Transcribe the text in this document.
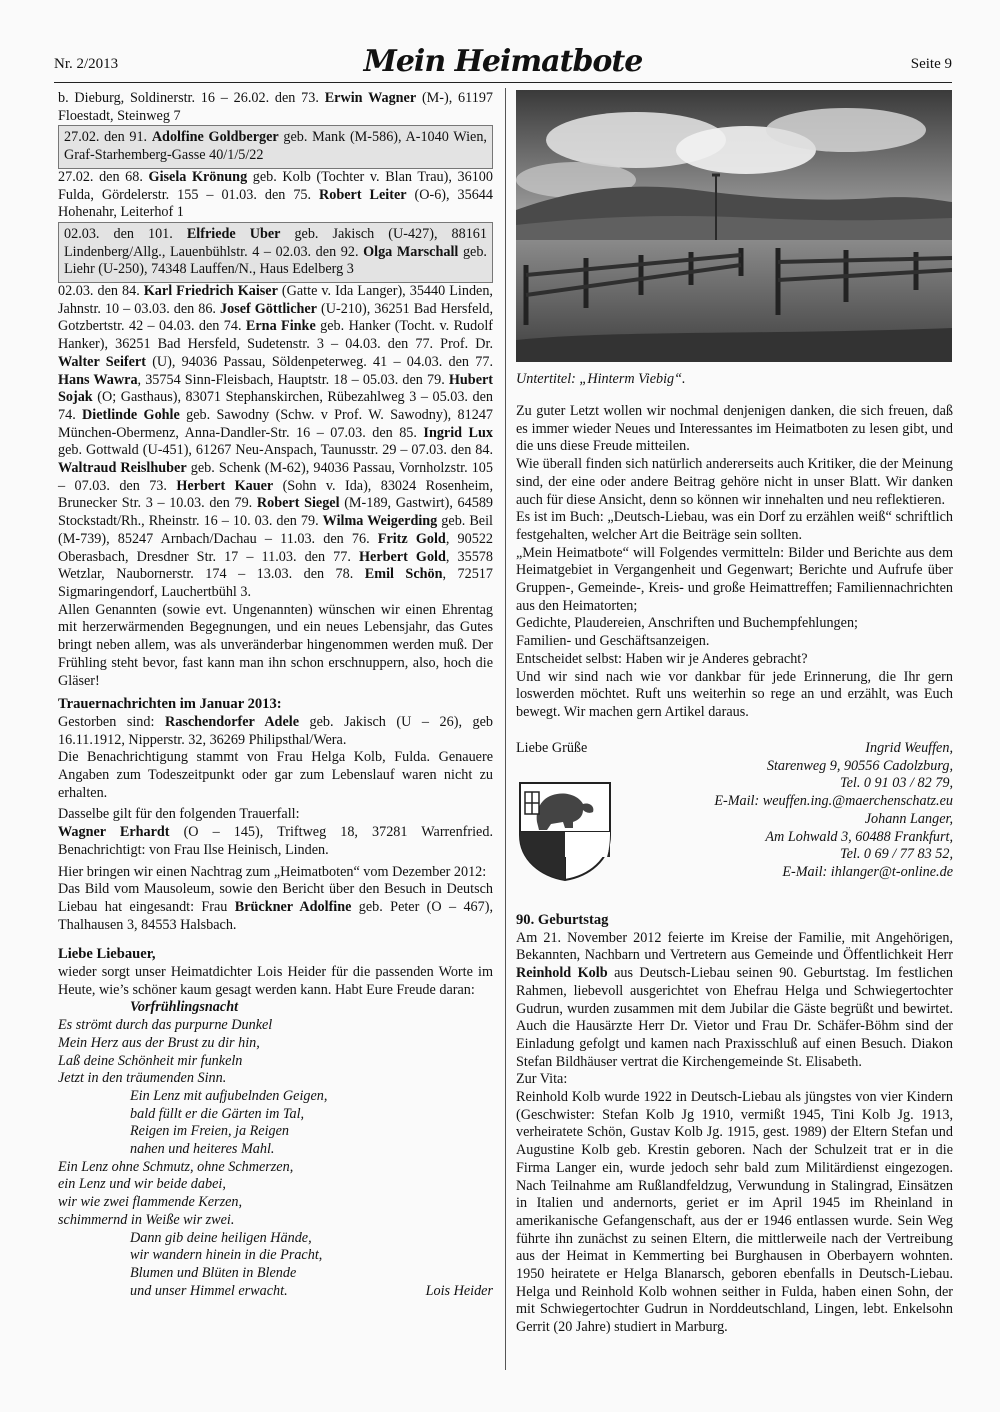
Nr. 2/2013	Mein Heimatbote	Seite 9

b. Dieburg, Soldinerstr. 16 – 26.02. den 73. Erwin Wagner (M-), 61197 Floestadt, Steinweg 7

27.02. den 91. Adolfine Goldberger geb. Mank (M-586), A-1040 Wien, Graf-Starhemberg-Gasse 40/1/5/22

27.02. den 68. Gisela Krönung geb. Kolb (Tochter v. Blan Trau), 36100 Fulda, Gördelerstr. 155 – 01.03. den 75. Robert Leiter (O-6), 35644 Hohenahr, Leiterhof 1

02.03. den 101. Elfriede Uber geb. Jakisch (U-427), 88161 Lindenberg/Allg., Lauenbühlstr. 4 – 02.03. den 92. Olga Marschall geb. Liehr (U-250), 74348 Lauffen/N., Haus Edelberg 3

02.03. den 84. Karl Friedrich Kaiser (Gatte v. Ida Langer), 35440 Linden, Jahnstr. 10 – 03.03. den 86. Josef Göttlicher (U-210), 36251 Bad Hersfeld, Gotzbertstr. 42 – 04.03. den 74. Erna Finke geb. Hanker (Tocht. v. Rudolf Hanker), 36251 Bad Hersfeld, Sudetenstr. 3 – 04.03. den 77. Prof. Dr. Walter Seifert (U), 94036 Passau, Söldenpeterweg. 41 – 04.03. den 77. Hans Wawra, 35754 Sinn-Fleisbach, Hauptstr. 18 – 05.03. den 79. Hubert Sojak (O; Gasthaus), 83071 Stephanskirchen, Rübezahlweg 3 – 05.03. den 74. Dietlinde Gohle geb. Sawodny (Schw. v Prof. W. Sawodny), 81247 München-Obermenz, Anna-Dandler-Str. 16 – 07.03. den 85. Ingrid Lux geb. Gottwald (U-451), 61267 Neu-Anspach, Taunusstr. 29 – 07.03. den 84. Waltraud Reislhuber geb. Schenk (M-62), 94036 Passau, Vornholzstr. 105 – 07.03. den 73. Herbert Kauer (Sohn v. Ida), 83024 Rosenheim, Brunecker Str. 3 – 10.03. den 79. Robert Siegel (M-189, Gastwirt), 64589 Stockstadt/Rh., Rheinstr. 16 – 10. 03. den 79. Wilma Weigerding geb. Beil (M-739), 85247 Arnbach/Dachau – 11.03. den 76. Fritz Gold, 90522 Oberasbach, Dresdner Str. 17 – 11.03. den 77. Herbert Gold, 35578 Wetzlar, Naubornerstr. 174 – 13.03. den 78. Emil Schön, 72517 Sigmaringendorf, Lauchertbühl 3.

Allen Genannten (sowie evt. Ungenannten) wünschen wir einen Ehrentag mit herzerwärmenden Begegnungen, und ein neues Lebensjahr, das Gutes bringt neben allem, was als unveränderbar hingenommen werden muß. Der Frühling steht bevor, fast kann man ihn schon erschnuppern, also, hoch die Gläser!

Trauernachrichten im Januar 2013:

Gestorben sind: Raschendorfer Adele geb. Jakisch (U – 26), geb 16.11.1912, Nipperstr. 32, 36269 Philipsthal/Wera.

Die Benachrichtigung stammt von Frau Helga Kolb, Fulda. Genauere Angaben zum Todeszeitpunkt oder gar zum Lebenslauf waren nicht zu erhalten.

Dasselbe gilt für den folgenden Trauerfall:

Wagner Erhardt (O – 145), Triftweg 18, 37281 Warrenfried. Benachrichtigt: von Frau Ilse Heinisch, Linden.

Hier bringen wir einen Nachtrag zum „Heimatboten“ vom Dezember 2012:

Das Bild vom Mausoleum, sowie den Bericht über den Besuch in Deutsch Liebau hat eingesandt: Frau Brückner Adolfine geb. Peter (O – 467), Thalhausen 3, 84553 Halsbach.

Liebe Liebauer,

wieder sorgt unser Heimatdichter Lois Heider für die passenden Worte im Heute, wie’s schöner kaum gesagt werden kann. Habt Eure Freude daran:

Vorfrühlingsnacht
Es strömt durch das purpurne Dunkel
Mein Herz aus der Brust zu dir hin,
Laß deine Schönheit mir funkeln
Jetzt in den träumenden Sinn.
Ein Lenz mit aufjubelnden Geigen,
bald füllt er die Gärten im Tal,
Reigen im Freien, ja Reigen
nahen und heiteres Mahl.
Ein Lenz ohne Schmutz, ohne Schmerzen,
ein Lenz und wir beide dabei,
wir wie zwei flammende Kerzen,
schimmernd in Weiße wir zwei.
Dann gib deine heiligen Hände,
wir wandern hinein in die Pracht,
Blumen und Blüten in Blende
und unser Himmel erwacht.	Lois Heider
Untertitel: „Hinterm Viebig“.

Zu guter Letzt wollen wir nochmal denjenigen danken, die sich freuen, daß es immer wieder Neues und Interessantes im Heimatboten zu lesen gibt, und die uns diese Freude mitteilen.

Wie überall finden sich natürlich andererseits auch Kritiker, die der Meinung sind, der eine oder andere Beitrag gehöre nicht in unser Blatt. Wir danken auch für diese Ansicht, denn so können wir innehalten und neu reflektieren.

Es ist im Buch: „Deutsch-Liebau, was ein Dorf zu erzählen weiß“ schriftlich festgehalten, welcher Art die Beiträge sein sollten.

„Mein Heimatbote“ will Folgendes vermitteln: Bilder und Berichte aus dem Heimatgebiet in Vergangenheit und Gegenwart; Berichte und Aufrufe über Gruppen-, Gemeinde-, Kreis- und große Heimattreffen; Familiennachrichten aus den Heimatorten;

Gedichte, Plaudereien, Anschriften und Buchempfehlungen;

Familien- und Geschäftsanzeigen.

Entscheidet selbst: Haben wir je Anderes gebracht?

Und wir sind nach wie vor dankbar für jede Erinnerung, die Ihr gern loswerden möchtet. Ruft uns weiterhin so rege an und erzählt, was Euch bewegt. Wir machen gern Artikel daraus.

Liebe Grüße	Ingrid Weuffen,
Starenweg 9, 90556 Cadolzburg,
Tel. 0 91 03 / 82 79,
E-Mail: weuffen.ing.@maerchenschatz.eu
Johann Langer,
Am Lohwald 3, 60488 Frankfurt,
Tel. 0 69 / 77 83 52,
E-Mail: ihlanger@t-online.de

90. Geburtstag

Am 21. November 2012 feierte im Kreise der Familie, mit Angehörigen, Bekannten, Nachbarn und Vertretern aus Gemeinde und Öffentlichkeit Herr Reinhold Kolb aus Deutsch-Liebau seinen 90. Geburtstag. Im festlichen Rahmen, liebevoll ausgerichtet von Ehefrau Helga und Schwiegertochter Gudrun, wurden zusammen mit dem Jubilar die Gäste begrüßt und bewirtet. Auch die Hausärzte Herr Dr. Vietor und Frau Dr. Schäfer-Böhm sind der Einladung gefolgt und kamen nach Praxisschluß auf einen Besuch. Diakon Stefan Bildhäuser vertrat die Kirchengemeinde St. Elisabeth.

Zur Vita:

Reinhold Kolb wurde 1922 in Deutsch-Liebau als jüngstes von vier Kindern (Geschwister: Stefan Kolb Jg 1910, vermißt 1945, Tini Kolb Jg. 1913, verheiratete Schön, Gustav Kolb Jg. 1915, gest. 1989) der Eltern Stefan und Augustine Kolb geb. Krestin geboren. Nach der Schulzeit trat er in die Firma Langer ein, wurde jedoch sehr bald zum Militärdienst eingezogen. Nach Teilnahme am Rußlandfeldzug, Verwundung in Stalingrad, Einsätzen in Italien und andernorts, geriet er im April 1945 im Rheinland in amerikanische Gefangenschaft, aus der er 1946 entlassen wurde. Sein Weg führte ihn zunächst zu seinen Eltern, die mittlerweile nach der Vertreibung aus der Heimat in Kemmerting bei Burghausen in Oberbayern wohnten. 1950 heiratete er Helga Blanarsch, geboren ebenfalls in Deutsch-Liebau. Helga und Reinhold Kolb wohnen seither in Fulda, haben einen Sohn, der mit Schwiegertochter Gudrun in Norddeutschland, Lingen, lebt. Enkelsohn Gerrit (20 Jahre) studiert in Marburg.
